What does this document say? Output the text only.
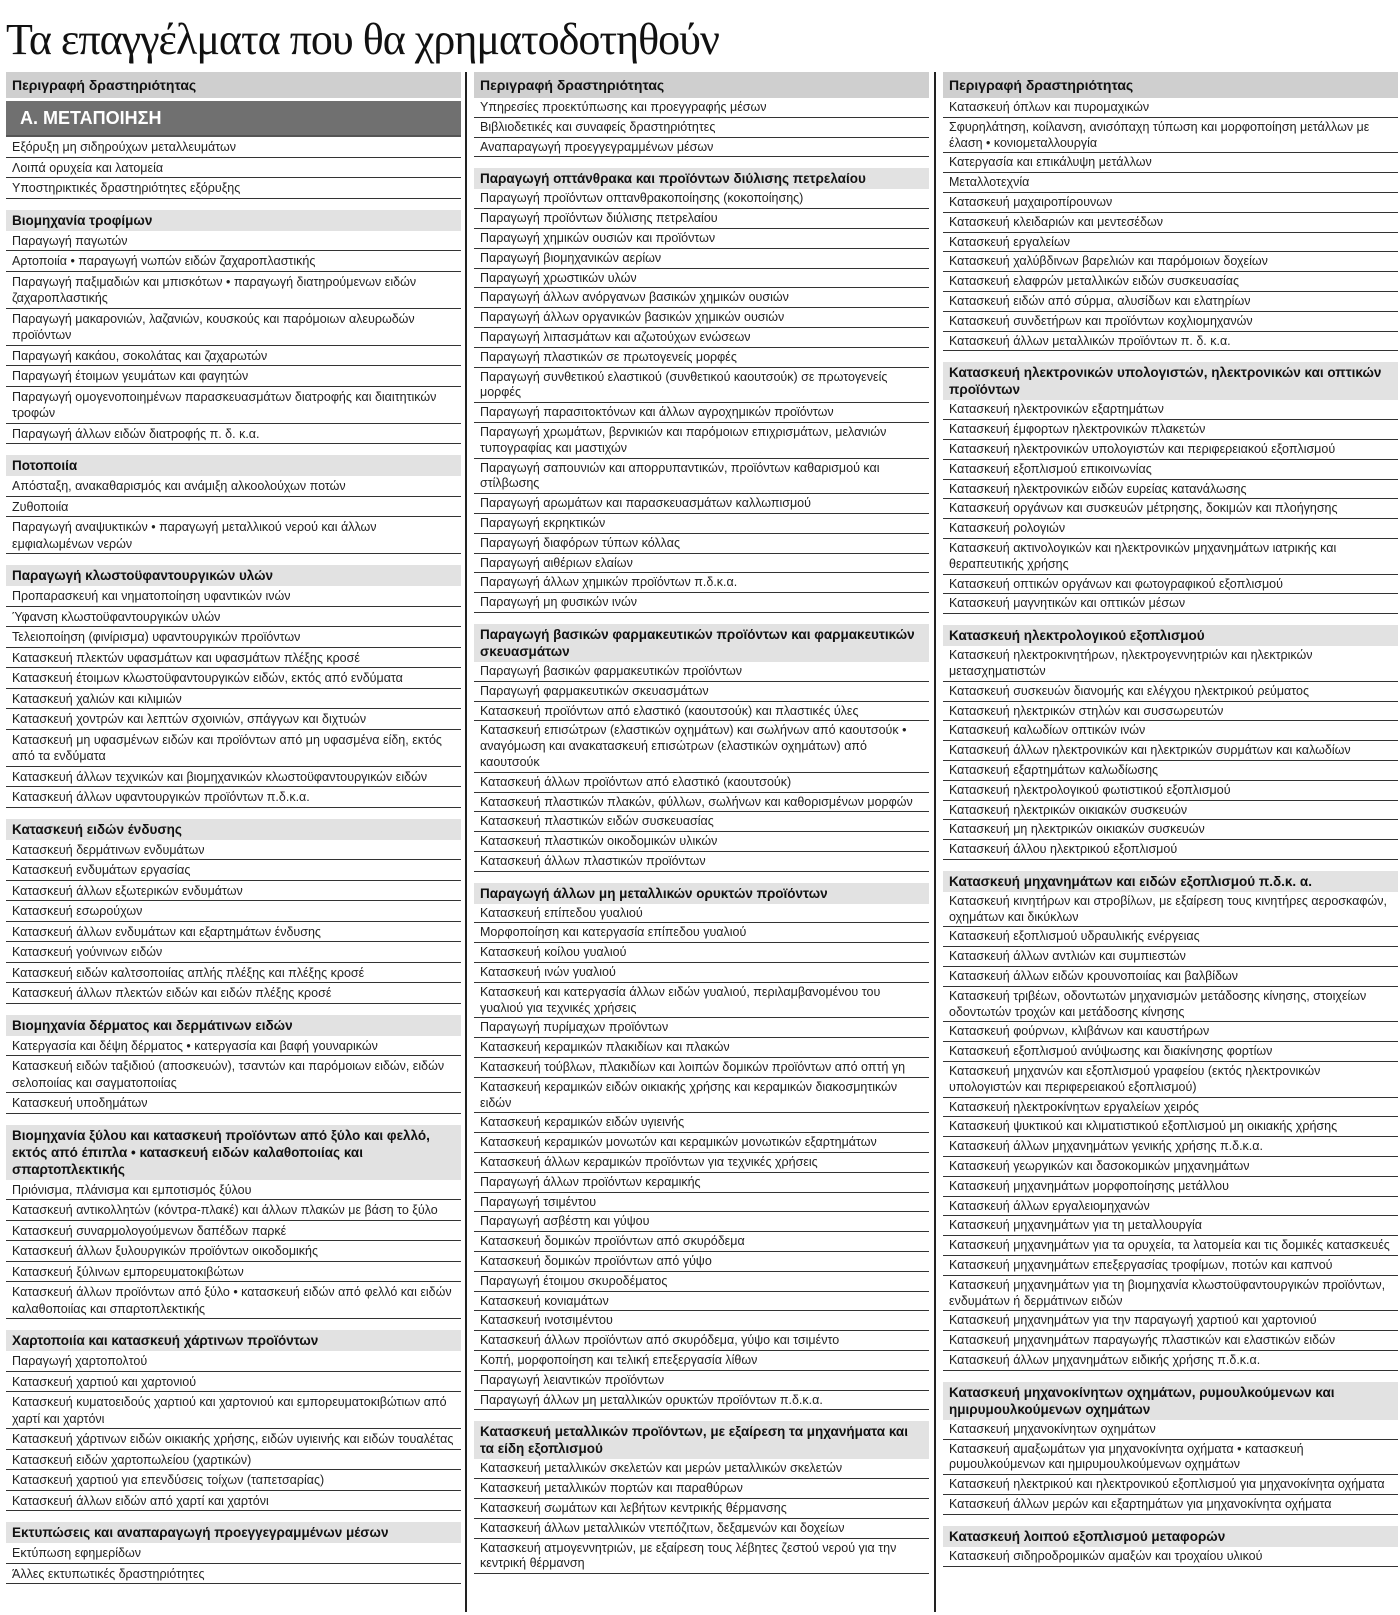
Τα επαγγέλματα που θα χρηματοδοτηθούν
Περιγραφή δραστηριότητας
Α. ΜΕΤΑΠΟΙΗΣΗ
Εξόρυξη μη σιδηρούχων μεταλλευμάτων
Λοιπά ορυχεία και λατομεία
Υποστηρικτικές δραστηριότητες εξόρυξης
Βιομηχανία τροφίμων
Παραγωγή παγωτών
Αρτοποιία • παραγωγή νωπών ειδών ζαχαροπλαστικής
Παραγωγή παξιμαδιών και μπισκότων • παραγωγή διατηρούμενων ειδών ζαχαροπλαστικής
Παραγωγή μακαρονιών, λαζανιών, κουσκούς και παρόμοιων αλευρωδών προϊόντων
Παραγωγή κακάου, σοκολάτας και ζαχαρωτών
Παραγωγή έτοιμων γευμάτων και φαγητών
Παραγωγή ομογενοποιημένων παρασκευασμάτων διατροφής και διαιτητικών τροφών
Παραγωγή άλλων ειδών διατροφής π. δ. κ.α.
Ποτοποιία
Απόσταξη, ανακαθαρισμός και ανάμιξη αλκοολούχων ποτών
Ζυθοποιία
Παραγωγή αναψυκτικών • παραγωγή μεταλλικού νερού και άλλων εμφιαλωμένων νερών
Παραγωγή κλωστοϋφαντουργικών υλών
Προπαρασκευή και νηματοποίηση υφαντικών ινών
Ύφανση κλωστοϋφαντουργικών υλών
Τελειοποίηση (φινίρισμα) υφαντουργικών προϊόντων
Κατασκευή πλεκτών υφασμάτων και υφασμάτων πλέξης κροσέ
Κατασκευή έτοιμων κλωστοϋφαντουργικών ειδών, εκτός από ενδύματα
Κατασκευή χαλιών και κιλιμιών
Κατασκευή χοντρών και λεπτών σχοινιών, σπάγγων και διχτυών
Κατασκευή μη υφασμένων ειδών και προϊόντων από μη υφασμένα είδη, εκτός από τα ενδύματα
Κατασκευή άλλων τεχνικών και βιομηχανικών κλωστοϋφαντουργικών ειδών
Κατασκευή άλλων υφαντουργικών προϊόντων π.δ.κ.α.
Κατασκευή ειδών ένδυσης
Κατασκευή δερμάτινων ενδυμάτων
Κατασκευή ενδυμάτων εργασίας
Κατασκευή άλλων εξωτερικών ενδυμάτων
Κατασκευή εσωρούχων
Κατασκευή άλλων ενδυμάτων και εξαρτημάτων ένδυσης
Κατασκευή γούνινων ειδών
Κατασκευή ειδών καλτσοποιίας απλής πλέξης και πλέξης κροσέ
Κατασκευή άλλων πλεκτών ειδών και ειδών πλέξης κροσέ
Βιομηχανία δέρματος και δερμάτινων ειδών
Κατεργασία και δέψη δέρματος • κατεργασία και βαφή γουναρικών
Κατασκευή ειδών ταξιδιού (αποσκευών), τσαντών και παρόμοιων ειδών, ειδών σελοποιίας και σαγματοποιίας
Κατασκευή υποδημάτων
Βιομηχανία ξύλου και κατασκευή προϊόντων από ξύλο και φελλό, εκτός από έπιπλα • κατασκευή ειδών καλαθοποιίας και σπαρτοπλεκτικής
Πριόνισμα, πλάνισμα και εμποτισμός ξύλου
Κατασκευή αντικολλητών (κόντρα-πλακέ) και άλλων πλακών με βάση το ξύλο
Κατασκευή συναρμολογούμενων δαπέδων παρκέ
Κατασκευή άλλων ξυλουργικών προϊόντων οικοδομικής
Κατασκευή ξύλινων εμπορευματοκιβώτων
Κατασκευή άλλων προϊόντων από ξύλο • κατασκευή ειδών από φελλό και ειδών καλαθοποιίας και σπαρτοπλεκτικής
Χαρτοποιία και κατασκευή χάρτινων προϊόντων
Παραγωγή χαρτοπολτού
Κατασκευή χαρτιού και χαρτονιού
Κατασκευή κυματοειδούς χαρτιού και χαρτονιού και εμπορευματοκιβώτιων από χαρτί και χαρτόνι
Κατασκευή χάρτινων ειδών οικιακής χρήσης, ειδών υγιεινής και ειδών τουαλέτας
Κατασκευή ειδών χαρτοπωλείου (χαρτικών)
Κατασκευή χαρτιού για επενδύσεις τοίχων (ταπετσαρίας)
Κατασκευή άλλων ειδών από χαρτί και χαρτόνι
Εκτυπώσεις και αναπαραγωγή προεγγεγραμμένων μέσων
Εκτύπωση εφημερίδων
Άλλες εκτυπωτικές δραστηριότητες
Περιγραφή δραστηριότητας
Υπηρεσίες προεκτύπωσης και προεγγραφής μέσων
Βιβλιοδετικές και συναφείς δραστηριότητες
Αναπαραγωγή προεγγεγραμμένων μέσων
Παραγωγή οπτάνθρακα και προϊόντων διύλισης πετρελαίου
Παραγωγή προϊόντων οπτανθρακοποίησης (κοκοποίησης)
Παραγωγή προϊόντων διύλισης πετρελαίου
Παραγωγή χημικών ουσιών και προϊόντων
Παραγωγή βιομηχανικών αερίων
Παραγωγή χρωστικών υλών
Παραγωγή άλλων ανόργανων βασικών χημικών ουσιών
Παραγωγή άλλων οργανικών βασικών χημικών ουσιών
Παραγωγή λιπασμάτων και αζωτούχων ενώσεων
Παραγωγή πλαστικών σε πρωτογενείς μορφές
Παραγωγή συνθετικού ελαστικού (συνθετικού καουτσούκ) σε πρωτογενείς μορφές
Παραγωγή παρασιτοκτόνων και άλλων αγροχημικών προϊόντων
Παραγωγή χρωμάτων, βερνικιών και παρόμοιων επιχρισμάτων, μελανιών τυπογραφίας και μαστιχών
Παραγωγή σαπουνιών και απορρυπαντικών, προϊόντων καθαρισμού και στίλβωσης
Παραγωγή αρωμάτων και παρασκευασμάτων καλλωπισμού
Παραγωγή εκρηκτικών
Παραγωγή διαφόρων τύπων κόλλας
Παραγωγή αιθέριων ελαίων
Παραγωγή άλλων χημικών προϊόντων π.δ.κ.α.
Παραγωγή μη φυσικών ινών
Παραγωγή βασικών φαρμακευτικών προϊόντων και φαρμακευτικών σκευασμάτων
Παραγωγή βασικών φαρμακευτικών προϊόντων
Παραγωγή φαρμακευτικών σκευασμάτων
Κατασκευή προϊόντων από ελαστικό (καουτσούκ) και πλαστικές ύλες
Κατασκευή επισώτρων (ελαστικών οχημάτων) και σωλήνων από καουτσούκ • αναγόμωση και ανακατασκευή επισώτρων (ελαστικών οχημάτων) από καουτσούκ
Κατασκευή άλλων προϊόντων από ελαστικό (καουτσούκ)
Κατασκευή πλαστικών πλακών, φύλλων, σωλήνων και καθορισμένων μορφών
Κατασκευή πλαστικών ειδών συσκευασίας
Κατασκευή πλαστικών οικοδομικών υλικών
Κατασκευή άλλων πλαστικών προϊόντων
Παραγωγή άλλων μη μεταλλικών ορυκτών προϊόντων
Κατασκευή επίπεδου γυαλιού
Μορφοποίηση και κατεργασία επίπεδου γυαλιού
Κατασκευή κοίλου γυαλιού
Κατασκευή ινών γυαλιού
Κατασκευή και κατεργασία άλλων ειδών γυαλιού, περιλαμβανομένου του γυαλιού για τεχνικές χρήσεις
Παραγωγή πυρίμαχων προϊόντων
Κατασκευή κεραμικών πλακιδίων και πλακών
Κατασκευή τούβλων, πλακιδίων και λοιπών δομικών προϊόντων από οπτή γη
Κατασκευή κεραμικών ειδών οικιακής χρήσης και κεραμικών διακοσμητικών ειδών
Κατασκευή κεραμικών ειδών υγιεινής
Κατασκευή κεραμικών μονωτών και κεραμικών μονωτικών εξαρτημάτων
Κατασκευή άλλων κεραμικών προϊόντων για τεχνικές χρήσεις
Παραγωγή άλλων προϊόντων κεραμικής
Παραγωγή τσιμέντου
Παραγωγή ασβέστη και γύψου
Κατασκευή δομικών προϊόντων από σκυρόδεμα
Κατασκευή δομικών προϊόντων από γύψο
Παραγωγή έτοιμου σκυροδέματος
Κατασκευή κονιαμάτων
Κατασκευή ινοτσιμέντου
Κατασκευή άλλων προϊόντων από σκυρόδεμα, γύψο και τσιμέντο
Κοπή, μορφοποίηση και τελική επεξεργασία λίθων
Παραγωγή λειαντικών προϊόντων
Παραγωγή άλλων μη μεταλλικών ορυκτών προϊόντων π.δ.κ.α.
Κατασκευή μεταλλικών προϊόντων, με εξαίρεση τα μηχανήματα και τα είδη εξοπλισμού
Κατασκευή μεταλλικών σκελετών και μερών μεταλλικών σκελετών
Κατασκευή μεταλλικών πορτών και παραθύρων
Κατασκευή σωμάτων και λεβήτων κεντρικής θέρμανσης
Κατασκευή άλλων μεταλλικών ντεπόζιτων, δεξαμενών και δοχείων
Κατασκευή ατμογεννητριών, με εξαίρεση τους λέβητες ζεστού νερού για την κεντρική θέρμανση
Περιγραφή δραστηριότητας
Κατασκευή όπλων και πυρομαχικών
Σφυρηλάτηση, κοίλανση, ανισόπαχη τύπωση και μορφοποίηση μετάλλων με έλαση • κονιομεταλλουργία
Κατεργασία και επικάλυψη μετάλλων
Μεταλλοτεχνία
Κατασκευή μαχαιροπίρουνων
Κατασκευή κλειδαριών και μεντεσέδων
Κατασκευή εργαλείων
Κατασκευή χαλύβδινων βαρελιών και παρόμοιων δοχείων
Κατασκευή ελαφρών μεταλλικών ειδών συσκευασίας
Κατασκευή ειδών από σύρμα, αλυσίδων και ελατηρίων
Κατασκευή συνδετήρων και προϊόντων κοχλιομηχανών
Κατασκευή άλλων μεταλλικών προϊόντων π. δ. κ.α.
Κατασκευή ηλεκτρονικών υπολογιστών, ηλεκτρονικών και οπτικών προϊόντων
Κατασκευή ηλεκτρονικών εξαρτημάτων
Κατασκευή έμφορτων ηλεκτρονικών πλακετών
Κατασκευή ηλεκτρονικών υπολογιστών και περιφερειακού εξοπλισμού
Κατασκευή εξοπλισμού επικοινωνίας
Κατασκευή ηλεκτρονικών ειδών ευρείας κατανάλωσης
Κατασκευή οργάνων και συσκευών μέτρησης, δοκιμών και πλοήγησης
Κατασκευή ρολογιών
Κατασκευή ακτινολογικών και ηλεκτρονικών μηχανημάτων ιατρικής και θεραπευτικής χρήσης
Κατασκευή οπτικών οργάνων και φωτογραφικού εξοπλισμού
Κατασκευή μαγνητικών και οπτικών μέσων
Κατασκευή ηλεκτρολογικού εξοπλισμού
Κατασκευή ηλεκτροκινητήρων, ηλεκτρογεννητριών και ηλεκτρικών μετασχηματιστών
Κατασκευή συσκευών διανομής και ελέγχου ηλεκτρικού ρεύματος
Κατασκευή ηλεκτρικών στηλών και συσσωρευτών
Κατασκευή καλωδίων οπτικών ινών
Κατασκευή άλλων ηλεκτρονικών και ηλεκτρικών συρμάτων και καλωδίων
Κατασκευή εξαρτημάτων καλωδίωσης
Κατασκευή ηλεκτρολογικού φωτιστικού εξοπλισμού
Κατασκευή ηλεκτρικών οικιακών συσκευών
Κατασκευή μη ηλεκτρικών οικιακών συσκευών
Κατασκευή άλλου ηλεκτρικού εξοπλισμού
Κατασκευή μηχανημάτων και ειδών εξοπλισμού π.δ.κ. α.
Κατασκευή κινητήρων και στροβίλων, με εξαίρεση τους κινητήρες αεροσκαφών, οχημάτων και δικύκλων
Κατασκευή εξοπλισμού υδραυλικής ενέργειας
Κατασκευή άλλων αντλιών και συμπιεστών
Κατασκευή άλλων ειδών κρουνοποιίας και βαλβίδων
Κατασκευή τριβέων, οδοντωτών μηχανισμών μετάδοσης κίνησης, στοιχείων οδοντωτών τροχών και μετάδοσης κίνησης
Κατασκευή φούρνων, κλιβάνων και καυστήρων
Κατασκευή εξοπλισμού ανύψωσης και διακίνησης φορτίων
Κατασκευή μηχανών και εξοπλισμού γραφείου (εκτός ηλεκτρονικών υπολογιστών και περιφερειακού εξοπλισμού)
Κατασκευή ηλεκτροκίνητων εργαλείων χειρός
Κατασκευή ψυκτικού και κλιματιστικού εξοπλισμού μη οικιακής χρήσης
Κατασκευή άλλων μηχανημάτων γενικής χρήσης π.δ.κ.α.
Κατασκευή γεωργικών και δασοκομικών μηχανημάτων
Κατασκευή μηχανημάτων μορφοποίησης μετάλλου
Κατασκευή άλλων εργαλειομηχανών
Κατασκευή μηχανημάτων για τη μεταλλουργία
Κατασκευή μηχανημάτων για τα ορυχεία, τα λατομεία και τις δομικές κατασκευές
Κατασκευή μηχανημάτων επεξεργασίας τροφίμων, ποτών και καπνού
Κατασκευή μηχανημάτων για τη βιομηχανία κλωστοϋφαντουργικών προϊόντων, ενδυμάτων ή δερμάτινων ειδών
Κατασκευή μηχανημάτων για την παραγωγή χαρτιού και χαρτονιού
Κατασκευή μηχανημάτων παραγωγής πλαστικών και ελαστικών ειδών
Κατασκευή άλλων μηχανημάτων ειδικής χρήσης π.δ.κ.α.
Κατασκευή μηχανοκίνητων οχημάτων, ρυμουλκούμενων και ημιρυμουλκούμενων οχημάτων
Κατασκευή μηχανοκίνητων οχημάτων
Κατασκευή αμαξωμάτων για μηχανοκίνητα οχήματα • κατασκευή ρυμουλκούμενων και ημιρυμουλκούμενων οχημάτων
Κατασκευή ηλεκτρικού και ηλεκτρονικού εξοπλισμού για μηχανοκίνητα οχήματα
Κατασκευή άλλων μερών και εξαρτημάτων για μηχανοκίνητα οχήματα
Κατασκευή λοιπού εξοπλισμού μεταφορών
Κατασκευή σιδηροδρομικών αμαξών και τροχαίου υλικού
